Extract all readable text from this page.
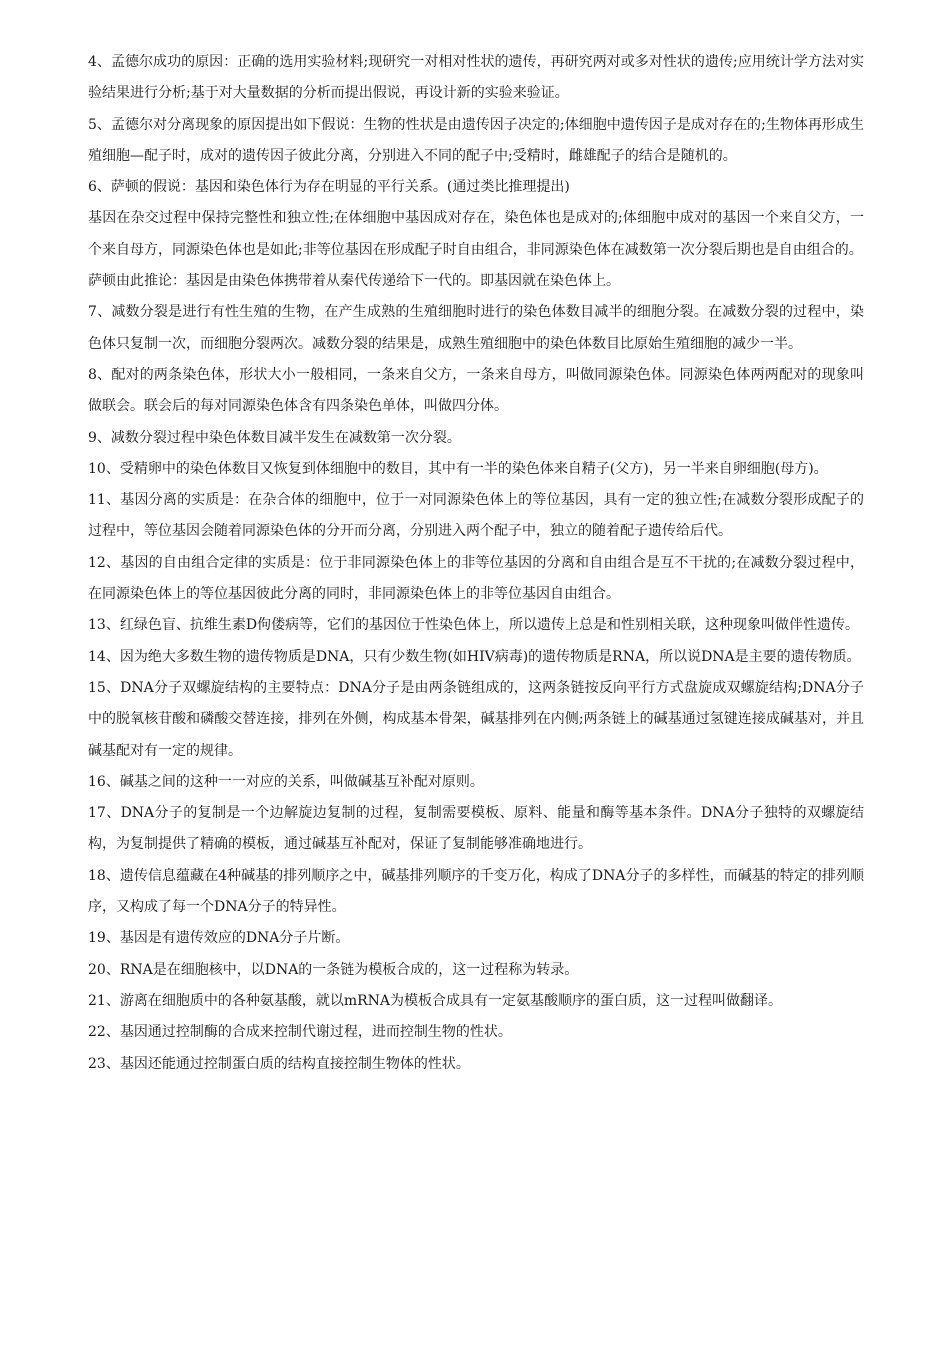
4、孟德尔成功的原因：正确的选用实验材料;现研究一对相对性状的遗传，再研究两对或多对性状的遗传;应用统计学方法对实验结果进行分析;基于对大量数据的分析而提出假说，再设计新的实验来验证。

5、孟德尔对分离现象的原因提出如下假说：生物的性状是由遗传因子决定的;体细胞中遗传因子是成对存在的;生物体再形成生殖细胞—配子时，成对的遗传因子彼此分离，分别进入不同的配子中;受精时，雌雄配子的结合是随机的。

6、萨顿的假说：基因和染色体行为存在明显的平行关系。(通过类比推理提出)

基因在杂交过程中保持完整性和独立性;在体细胞中基因成对存在，染色体也是成对的;体细胞中成对的基因一个来自父方，一个来自母方，同源染色体也是如此;非等位基因在形成配子时自由组合，非同源染色体在减数第一次分裂后期也是自由组合的。

萨顿由此推论：基因是由染色体携带着从秦代传递给下一代的。即基因就在染色体上。

7、减数分裂是进行有性生殖的生物，在产生成熟的生殖细胞时进行的染色体数目减半的细胞分裂。在减数分裂的过程中，染色体只复制一次，而细胞分裂两次。减数分裂的结果是，成熟生殖细胞中的染色体数目比原始生殖细胞的减少一半。

8、配对的两条染色体，形状大小一般相同，一条来自父方，一条来自母方，叫做同源染色体。同源染色体两两配对的现象叫做联会。联会后的每对同源染色体含有四条染色单体，叫做四分体。

9、减数分裂过程中染色体数目减半发生在减数第一次分裂。

10、受精卵中的染色体数目又恢复到体细胞中的数目，其中有一半的染色体来自精子(父方)，另一半来自卵细胞(母方)。

11、基因分离的实质是：在杂合体的细胞中，位于一对同源染色体上的等位基因，具有一定的独立性;在减数分裂形成配子的过程中，等位基因会随着同源染色体的分开而分离，分别进入两个配子中，独立的随着配子遗传给后代。

12、基因的自由组合定律的实质是：位于非同源染色体上的非等位基因的分离和自由组合是互不干扰的;在减数分裂过程中，在同源染色体上的等位基因彼此分离的同时，非同源染色体上的非等位基因自由组合。

13、红绿色盲、抗维生素D佝偻病等，它们的基因位于性染色体上，所以遗传上总是和性别相关联，这种现象叫做伴性遗传。

14、因为绝大多数生物的遗传物质是DNA，只有少数生物(如HIV病毒)的遗传物质是RNA，所以说DNA是主要的遗传物质。

15、DNA分子双螺旋结构的主要特点：DNA分子是由两条链组成的，这两条链按反向平行方式盘旋成双螺旋结构;DNA分子中的脱氧核苷酸和磷酸交替连接，排列在外侧，构成基本骨架，碱基排列在内侧;两条链上的碱基通过氢键连接成碱基对，并且碱基配对有一定的规律。

16、碱基之间的这种一一对应的关系，叫做碱基互补配对原则。

17、DNA分子的复制是一个边解旋边复制的过程，复制需要模板、原料、能量和酶等基本条件。DNA分子独特的双螺旋结构，为复制提供了精确的模板，通过碱基互补配对，保证了复制能够准确地进行。

18、遗传信息蕴藏在4种碱基的排列顺序之中，碱基排列顺序的千变万化，构成了DNA分子的多样性，而碱基的特定的排列顺序，又构成了每一个DNA分子的特异性。

19、基因是有遗传效应的DNA分子片断。

20、RNA是在细胞核中，以DNA的一条链为模板合成的，这一过程称为转录。

21、游离在细胞质中的各种氨基酸，就以mRNA为模板合成具有一定氨基酸顺序的蛋白质，这一过程叫做翻译。

22、基因通过控制酶的合成来控制代谢过程，进而控制生物的性状。

23、基因还能通过控制蛋白质的结构直接控制生物体的性状。
